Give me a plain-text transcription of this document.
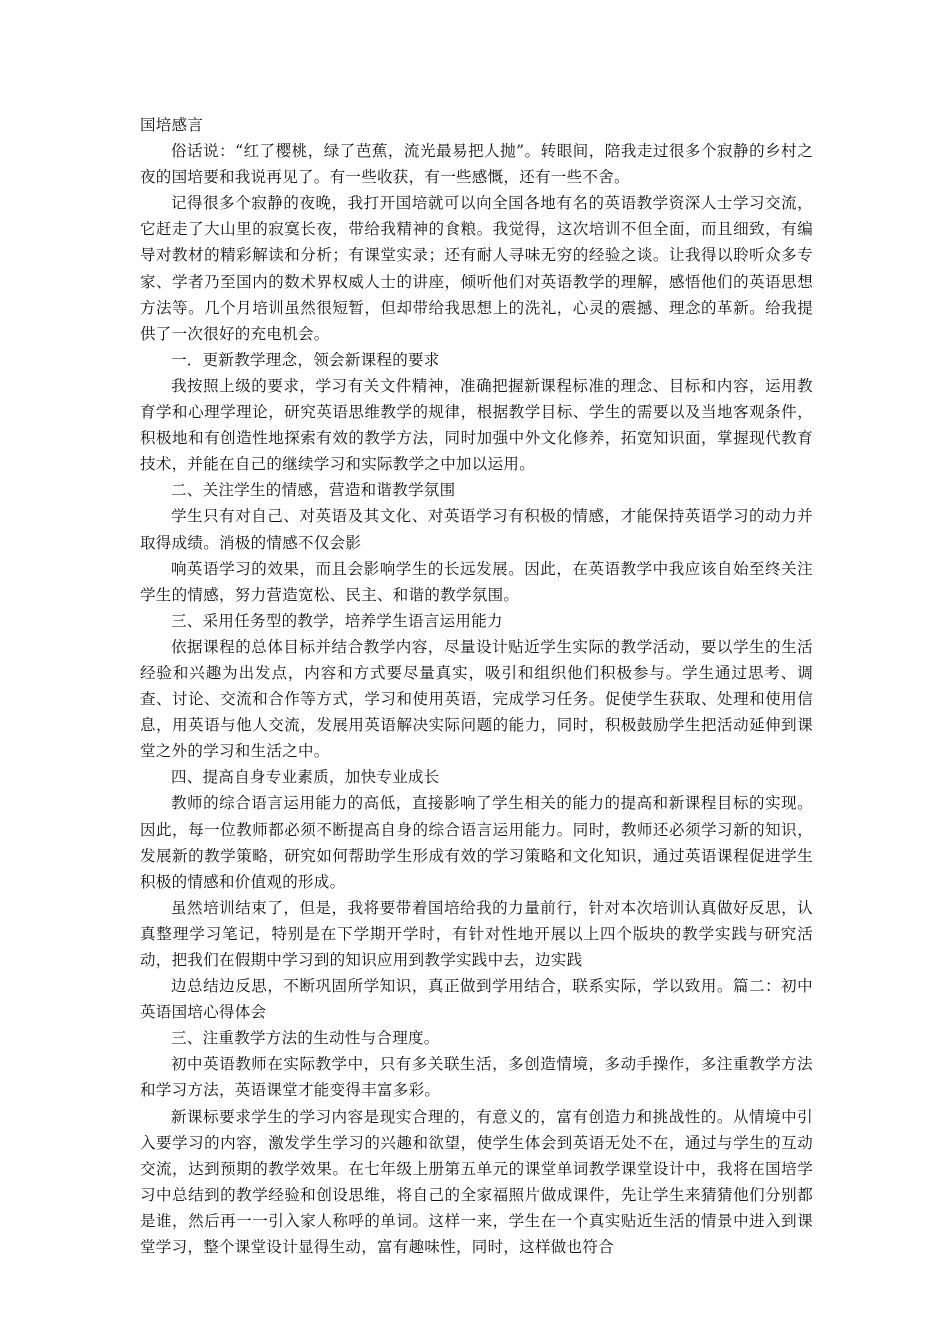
国培感言

俗话说：“红了樱桃，绿了芭蕉，流光最易把人抛”。转眼间，陪我走过很多个寂静的乡村之夜的国培要和我说再见了。有一些收获，有一些感慨，还有一些不舍。

记得很多个寂静的夜晚，我打开国培就可以向全国各地有名的英语教学资深人士学习交流，它赶走了大山里的寂寞长夜，带给我精神的食粮。我觉得，这次培训不但全面，而且细致，有编导对教材的精彩解读和分析；有课堂实录；还有耐人寻味无穷的经验之谈。让我得以聆听众多专家、学者乃至国内的数术界权威人士的讲座，倾听他们对英语教学的理解，感悟他们的英语思想方法等。几个月培训虽然很短暂，但却带给我思想上的洗礼，心灵的震撼、理念的革新。给我提供了一次很好的充电机会。

一．更新教学理念，领会新课程的要求

我按照上级的要求，学习有关文件精神，准确把握新课程标准的理念、目标和内容，运用教育学和心理学理论，研究英语思维教学的规律，根据教学目标、学生的需要以及当地客观条件，积极地和有创造性地探索有效的教学方法，同时加强中外文化修养，拓宽知识面，掌握现代教育技术，并能在自己的继续学习和实际教学之中加以运用。

二、关注学生的情感，营造和谐教学氛围

学生只有对自己、对英语及其文化、对英语学习有积极的情感，才能保持英语学习的动力并取得成绩。消极的情感不仅会影

响英语学习的效果，而且会影响学生的长远发展。因此，在英语教学中我应该自始至终关注学生的情感，努力营造宽松、民主、和谐的教学氛围。

三、采用任务型的教学，培养学生语言运用能力

依据课程的总体目标并结合教学内容，尽量设计贴近学生实际的教学活动，要以学生的生活经验和兴趣为出发点，内容和方式要尽量真实，吸引和组织他们积极参与。学生通过思考、调查、讨论、交流和合作等方式，学习和使用英语，完成学习任务。促使学生获取、处理和使用信息，用英语与他人交流，发展用英语解决实际问题的能力，同时，积极鼓励学生把活动延伸到课堂之外的学习和生活之中。

四、提高自身专业素质，加快专业成长

教师的综合语言运用能力的高低，直接影响了学生相关的能力的提高和新课程目标的实现。因此，每一位教师都必须不断提高自身的综合语言运用能力。同时，教师还必须学习新的知识，发展新的教学策略，研究如何帮助学生形成有效的学习策略和文化知识，通过英语课程促进学生积极的情感和价值观的形成。

虽然培训结束了，但是，我将要带着国培给我的力量前行，针对本次培训认真做好反思，认真整理学习笔记，特别是在下学期开学时，有针对性地开展以上四个版块的教学实践与研究活动，把我们在假期中学习到的知识应用到教学实践中去，边实践

边总结边反思，不断巩固所学知识，真正做到学用结合，联系实际，学以致用。篇二：初中英语国培心得体会

三、注重教学方法的生动性与合理度。

初中英语教师在实际教学中，只有多关联生活，多创造情境，多动手操作，多注重教学方法和学习方法，英语课堂才能变得丰富多彩。

新课标要求学生的学习内容是现实合理的，有意义的，富有创造力和挑战性的。从情境中引入要学习的内容，激发学生学习的兴趣和欲望，使学生体会到英语无处不在，通过与学生的互动交流，达到预期的教学效果。在七年级上册第五单元的课堂单词教学课堂设计中，我将在国培学习中总结到的教学经验和创设思维，将自己的全家福照片做成课件，先让学生来猜猜他们分别都是谁，然后再一一引入家人称呼的单词。这样一来，学生在一个真实贴近生活的情景中进入到课堂学习，整个课堂设计显得生动，富有趣味性，同时，这样做也符合
